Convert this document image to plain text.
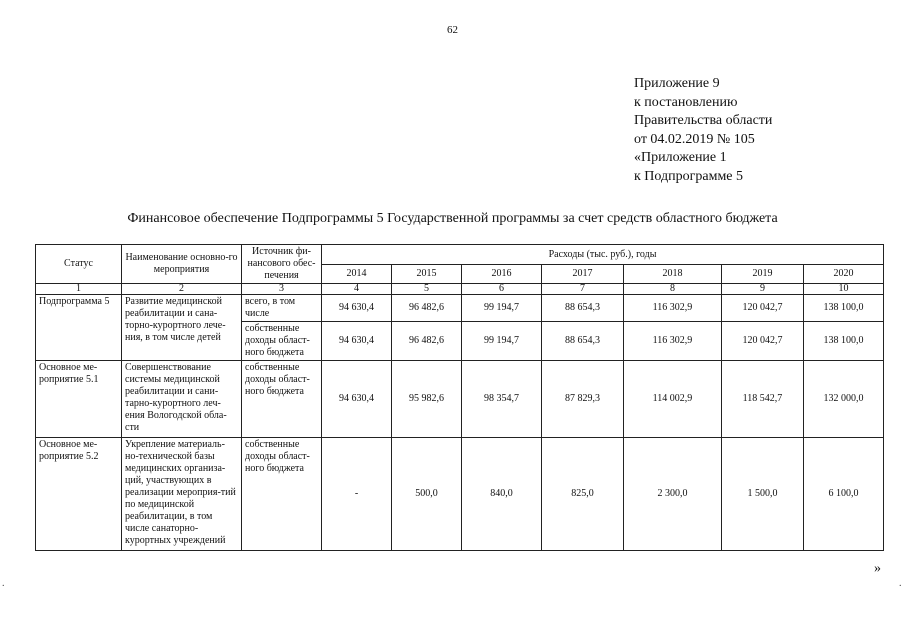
62
Приложение 9
к постановлению
Правительства области
от 04.02.2019 № 105
«Приложение 1
к Подпрограмме 5
Финансовое обеспечение Подпрограммы 5 Государственной программы за счет средств областного бюджета
Статус	Наименование основно-го мероприятия	Источник фи-нансового обес-печения	Расходы (тыс. руб.), годы						
			2014	2015	2016	2017	2018	2019	2020
1	2	3	4	5	6	7	8	9	10
Подпрограмма 5	Развитие медицинской реабилитации и сана-торно-курортного лече-ния, в том числе детей	всего, в том числе	94 630,4	96 482,6	99 194,7	88 654,3	116 302,9	120 042,7	138 100,0
		собственные доходы област-ного бюджета	94 630,4	96 482,6	99 194,7	88 654,3	116 302,9	120 042,7	138 100,0
Основное ме-роприятие 5.1	Совершенствование системы медицинской реабилитации и сани-тарно-курортного леч-ения Вологодской обла-сти	собственные доходы област-ного бюджета	94 630,4	95 982,6	98 354,7	87 829,3	114 002,9	118 542,7	132 000,0
Основное ме-роприятие 5.2	Укрепление материаль-но-технической базы медицинских организа-ций, участвующих в реализации мероприя-тий по медицинской реабилитации, в том числе санаторно-курортных учреждений	собственные доходы област-ного бюджета	-	500,0	840,0	825,0	2 300,0	1 500,0	6 100,0
»
.	.
